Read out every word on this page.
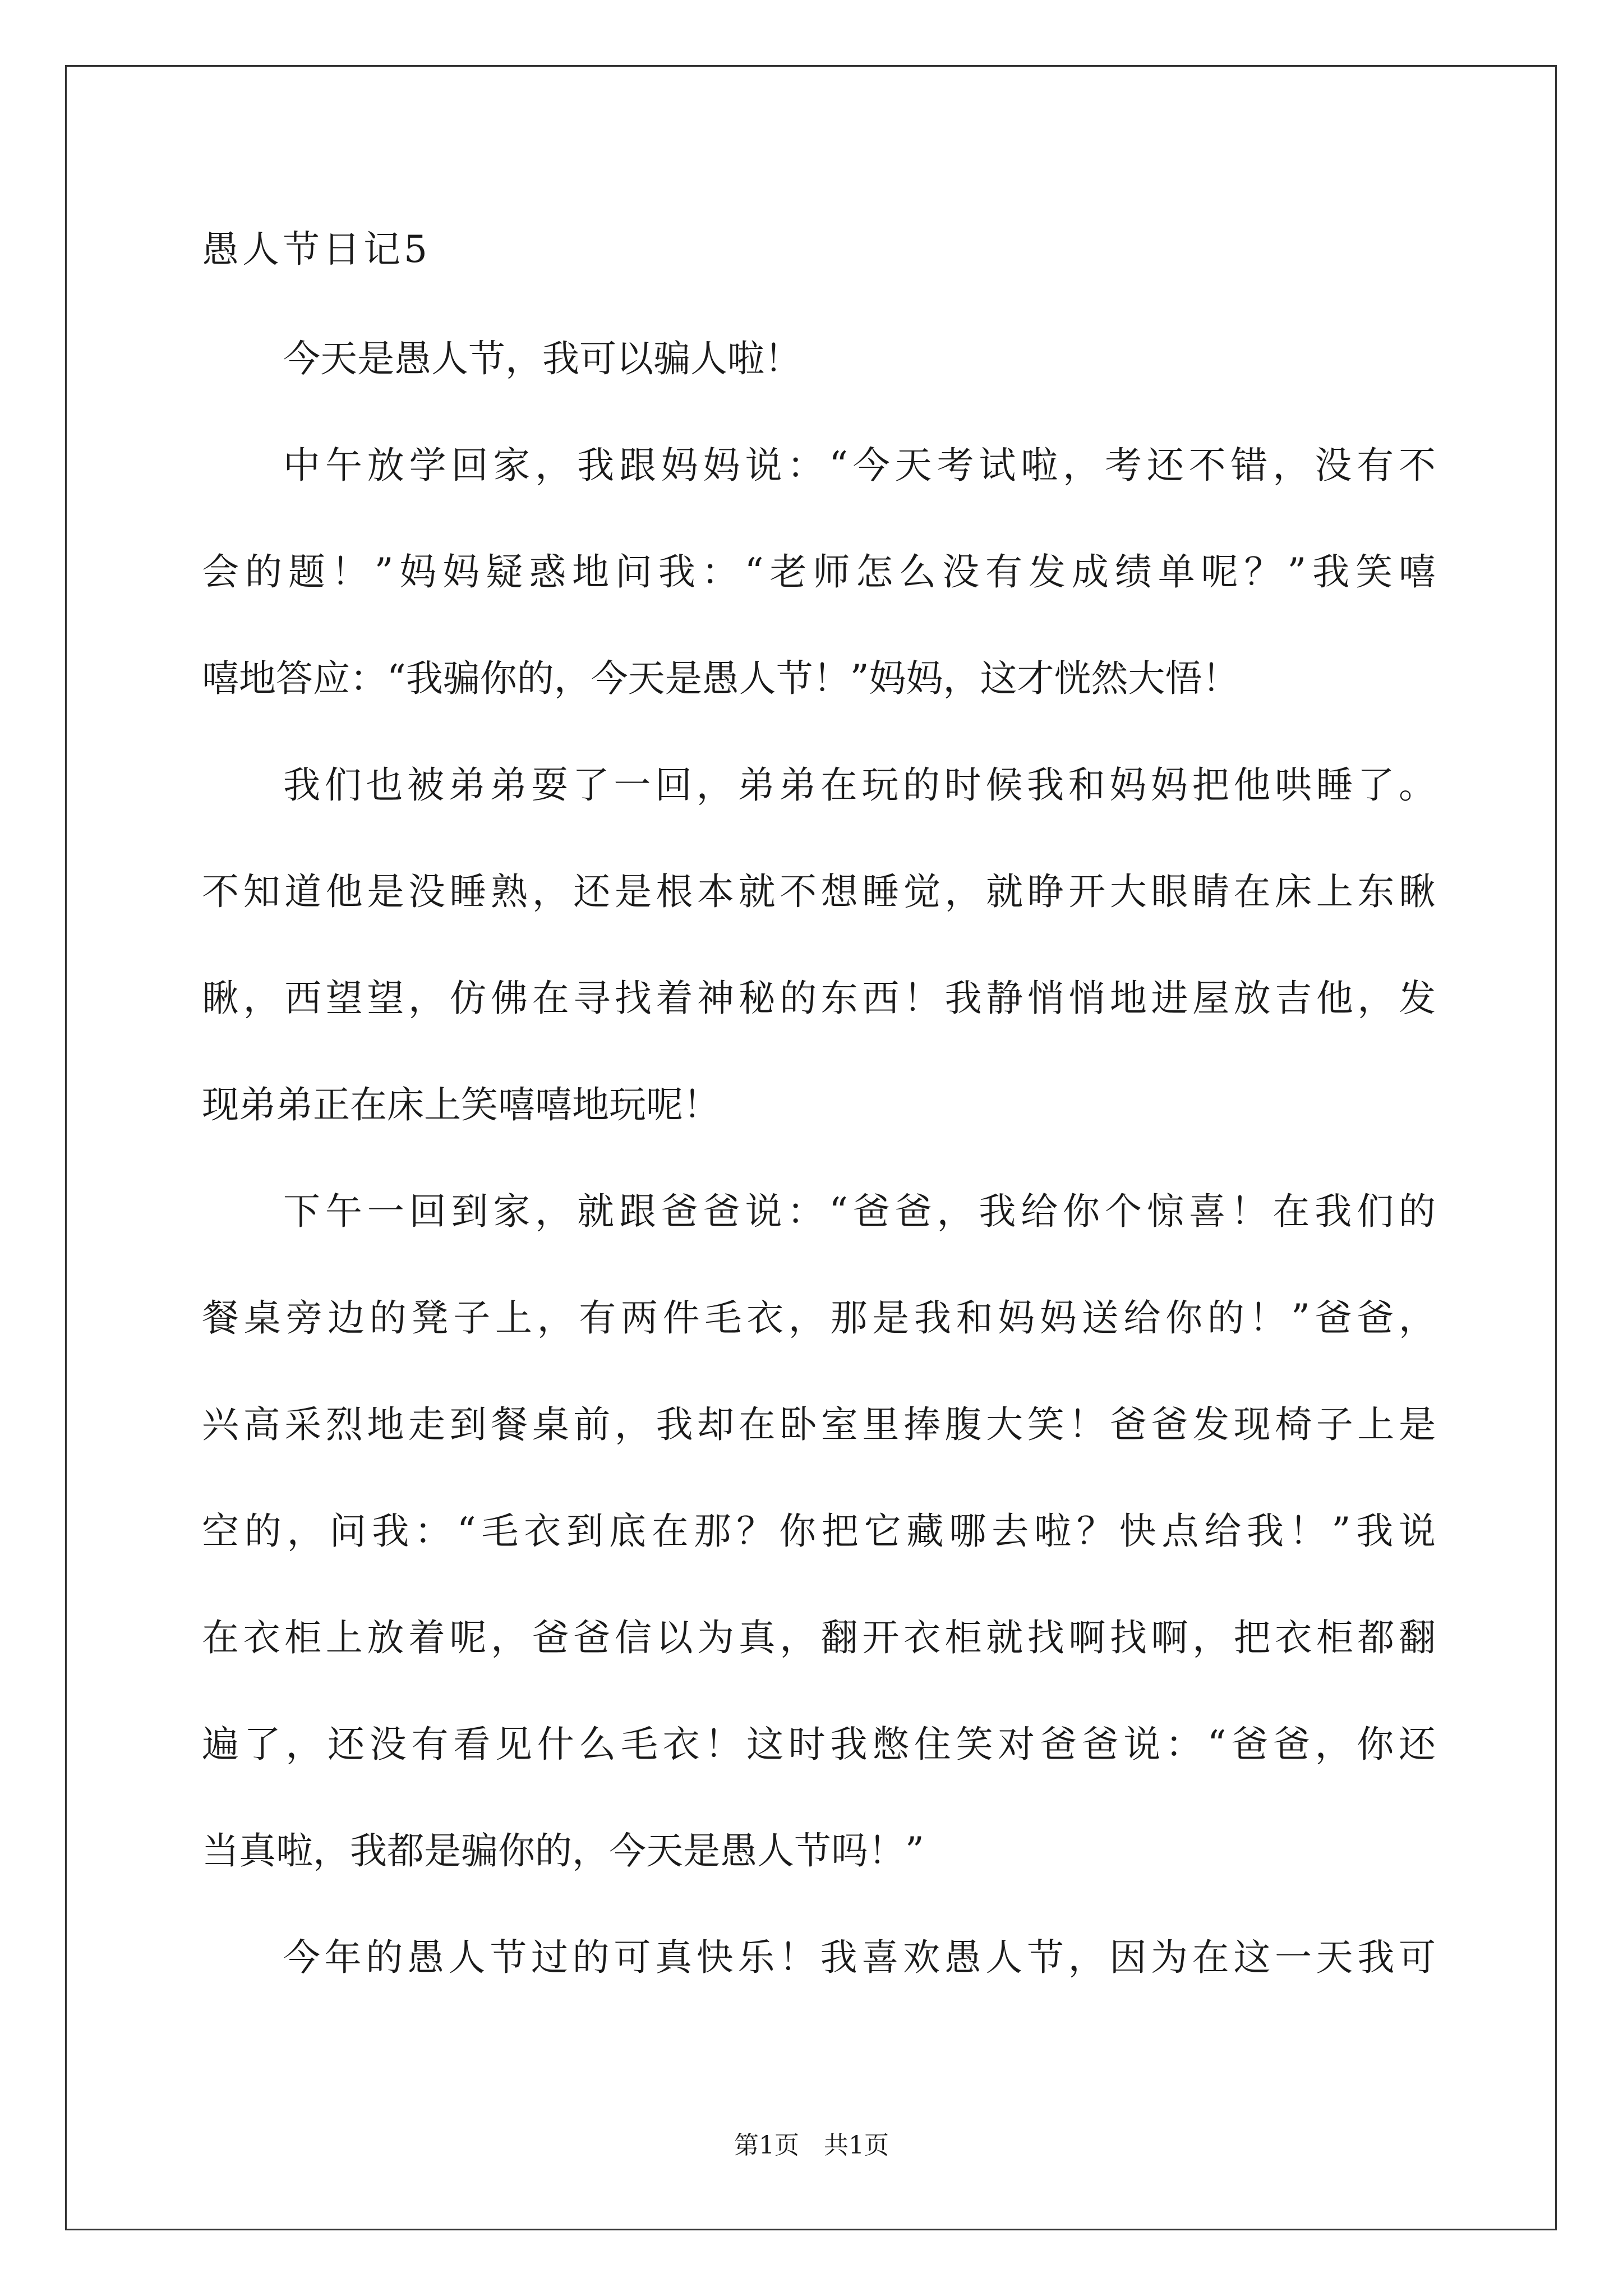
愚人节日记5
今天是愚人节，我可以骗人啦！
中午放学回家，我跟妈妈说：“今天考试啦，考还不错，没有不
会的题！”妈妈疑惑地问我：“老师怎么没有发成绩单呢？”我笑嘻
嘻地答应：“我骗你的，今天是愚人节！”妈妈，这才恍然大悟！
我们也被弟弟耍了一回，弟弟在玩的时候我和妈妈把他哄睡了。
不知道他是没睡熟，还是根本就不想睡觉，就睁开大眼睛在床上东瞅
瞅，西望望，仿佛在寻找着神秘的东西！我静悄悄地进屋放吉他，发
现弟弟正在床上笑嘻嘻地玩呢！
下午一回到家，就跟爸爸说：“爸爸，我给你个惊喜！在我们的
餐桌旁边的凳子上，有两件毛衣，那是我和妈妈送给你的！”爸爸，
兴高采烈地走到餐桌前，我却在卧室里捧腹大笑！爸爸发现椅子上是
空的，问我：“毛衣到底在那？你把它藏哪去啦？快点给我！”我说
在衣柜上放着呢，爸爸信以为真，翻开衣柜就找啊找啊，把衣柜都翻
遍了，还没有看见什么毛衣！这时我憋住笑对爸爸说：“爸爸，你还
当真啦，我都是骗你的，今天是愚人节吗！”
今年的愚人节过的可真快乐！我喜欢愚人节，因为在这一天我可
第1页　共1页
